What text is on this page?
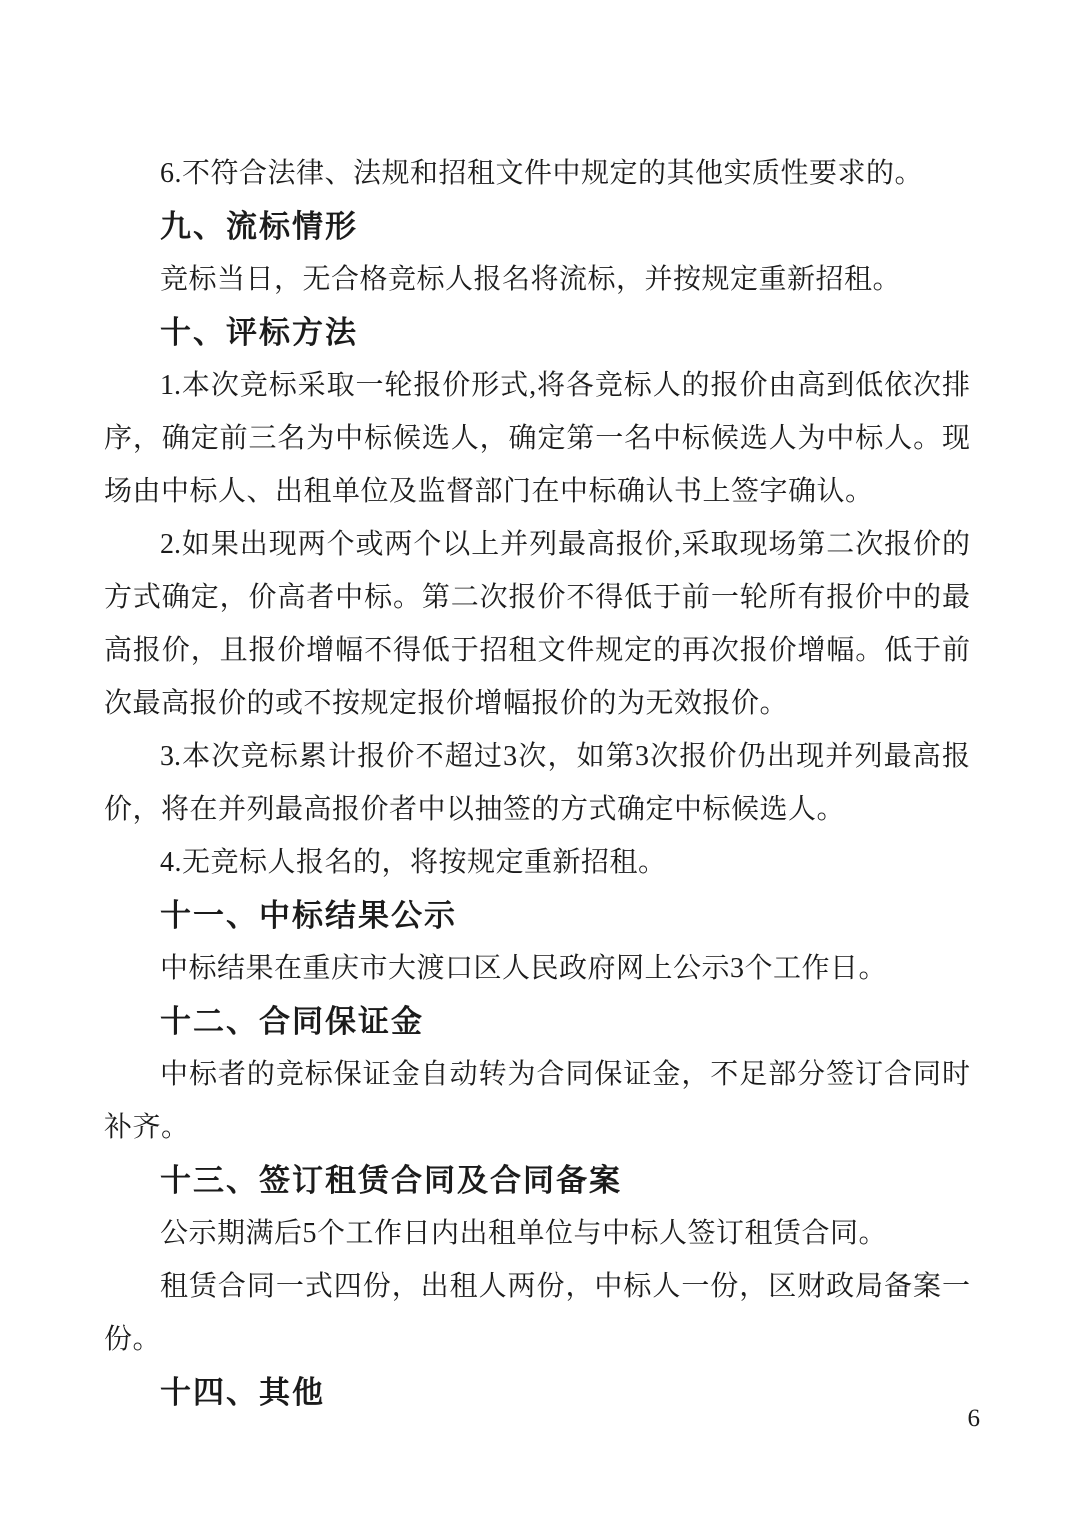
6.不符合法律、法规和招租文件中规定的其他实质性要求的。
九、流标情形
竞标当日，无合格竞标人报名将流标，并按规定重新招租。
十、评标方法
1.本次竞标采取一轮报价形式,将各竞标人的报价由高到低依次排
序，确定前三名为中标候选人，确定第一名中标候选人为中标人。现
场由中标人、出租单位及监督部门在中标确认书上签字确认。
2.如果出现两个或两个以上并列最高报价,采取现场第二次报价的
方式确定，价高者中标。第二次报价不得低于前一轮所有报价中的最
高报价，且报价增幅不得低于招租文件规定的再次报价增幅。低于前
次最高报价的或不按规定报价增幅报价的为无效报价。
3.本次竞标累计报价不超过3次，如第3次报价仍出现并列最高报
价，将在并列最高报价者中以抽签的方式确定中标候选人。
4.无竞标人报名的，将按规定重新招租。
十一、中标结果公示
中标结果在重庆市大渡口区人民政府网上公示3个工作日。
十二、合同保证金
中标者的竞标保证金自动转为合同保证金，不足部分签订合同时
补齐。
十三、签订租赁合同及合同备案
公示期满后5个工作日内出租单位与中标人签订租赁合同。
租赁合同一式四份，出租人两份，中标人一份，区财政局备案一
份。
十四、其他
6
